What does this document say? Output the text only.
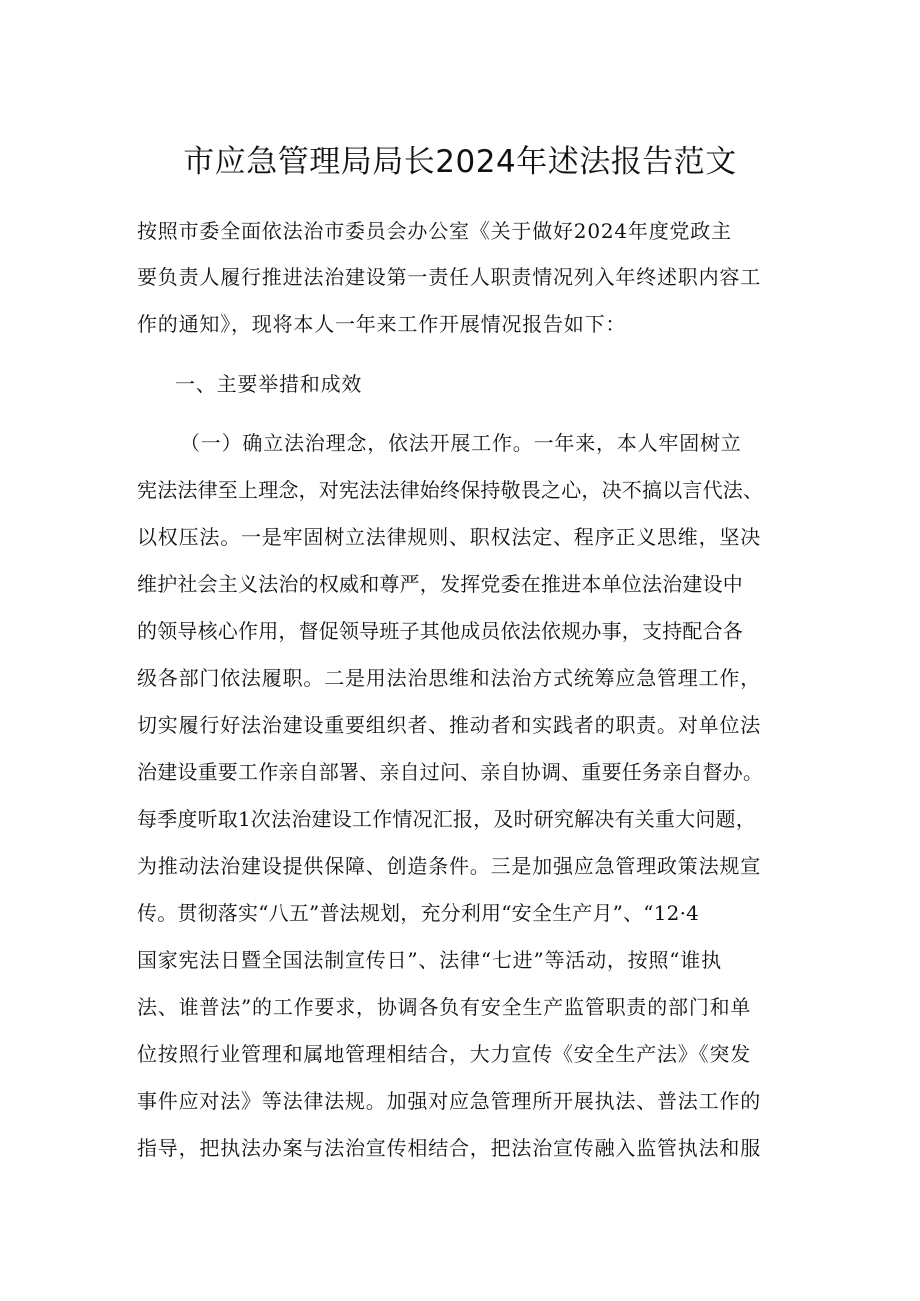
市应急管理局局长2024年述法报告范文

按照市委全面依法治市委员会办公室《关于做好2024年度党政主

要负责人履行推进法治建设第一责任人职责情况列入年终述职内容工

作的通知》，现将本人一年来工作开展情况报告如下：

一、主要举措和成效

（一）确立法治理念，依法开展工作。一年来，本人牢固树立

宪法法律至上理念，对宪法法律始终保持敬畏之心，决不搞以言代法、

以权压法。一是牢固树立法律规则、职权法定、程序正义思维，坚决

维护社会主义法治的权威和尊严，发挥党委在推进本单位法治建设中

的领导核心作用，督促领导班子其他成员依法依规办事，支持配合各

级各部门依法履职。二是用法治思维和法治方式统筹应急管理工作，

切实履行好法治建设重要组织者、推动者和实践者的职责。对单位法

治建设重要工作亲自部署、亲自过问、亲自协调、重要任务亲自督办。

每季度听取1次法治建设工作情况汇报，及时研究解决有关重大问题，

为推动法治建设提供保障、创造条件。三是加强应急管理政策法规宣

传。贯彻落实“八五”普法规划，充分利用“安全生产月”、“12·4

国家宪法日暨全国法制宣传日”、法律“七进”等活动，按照“谁执

法、谁普法”的工作要求，协调各负有安全生产监管职责的部门和单

位按照行业管理和属地管理相结合，大力宣传《安全生产法》《突发

事件应对法》等法律法规。加强对应急管理所开展执法、普法工作的

指导，把执法办案与法治宣传相结合，把法治宣传融入监管执法和服
